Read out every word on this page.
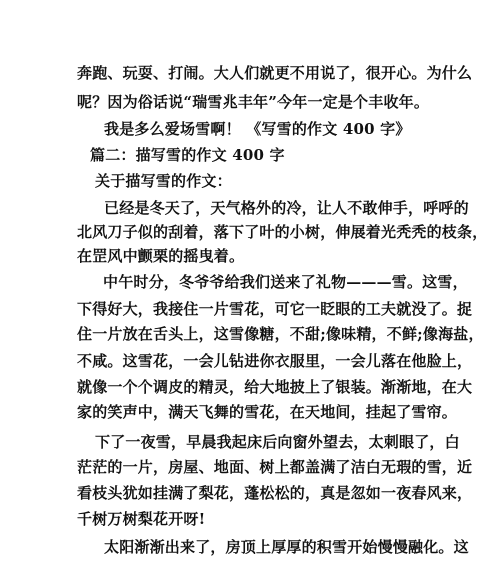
奔跑、玩耍、打闹。大人们就更不用说了，很开心。为什么
呢？因为俗话说“瑞雪兆丰年”今年一定是个丰收年。
我是多么爱场雪啊！ 《写雪的作文 400 字》
篇二：描写雪的作文 400 字
关于描写雪的作文：
已经是冬天了，天气格外的冷，让人不敢伸手，呼呼的
北风刀子似的刮着，落下了叶的小树，伸展着光秃秃的枝条，
在罡风中颤栗的摇曳着。
中午时分，冬爷爷给我们送来了礼物———雪。这雪，
下得好大，我接住一片雪花，可它一眨眼的工夫就没了。捉
住一片放在舌头上，这雪像糖，不甜;像味精，不鲜;像海盐，
不咸。这雪花，一会儿钻进你衣服里，一会儿落在他脸上，
就像一个个调皮的精灵，给大地披上了银装。渐渐地，在大
家的笑声中，满天飞舞的雪花，在天地间，挂起了雪帘。
下了一夜雪，早晨我起床后向窗外望去，太刺眼了，白
茫茫的一片，房屋、地面、树上都盖满了洁白无瑕的雪，近
看枝头犹如挂满了梨花，蓬松松的，真是忽如一夜春风来，
千树万树梨花开呀!
太阳渐渐出来了，房顶上厚厚的积雪开始慢慢融化。这
